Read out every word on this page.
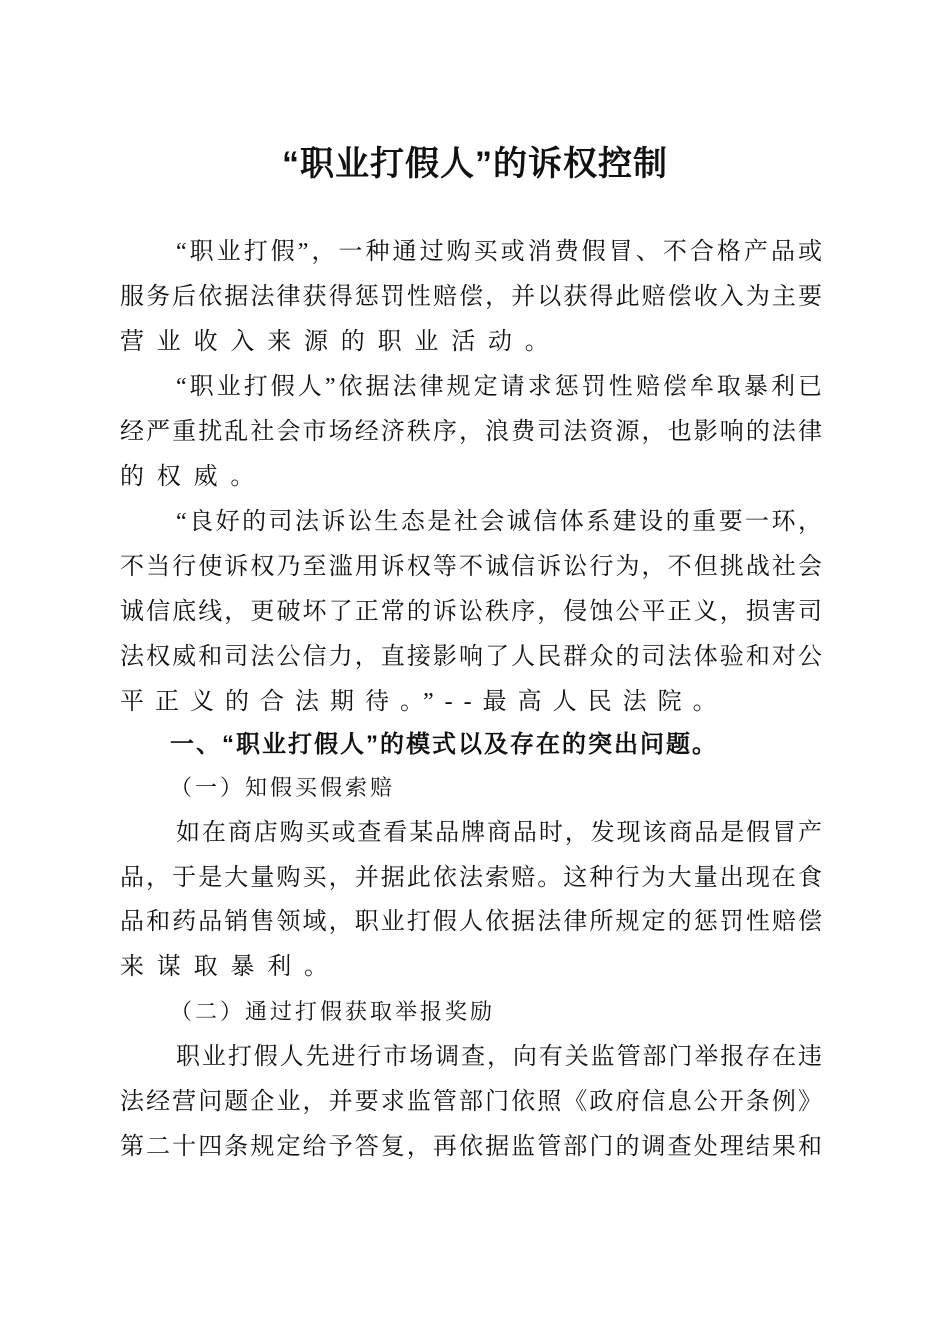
“职业打假人”的诉权控制
“职业打假”，一种通过购买或消费假冒、不合格产品或
服务后依据法律获得惩罚性赔偿，并以获得此赔偿收入为主要
营业收入来源的职业活动。
“职业打假人”依据法律规定请求惩罚性赔偿牟取暴利已
经严重扰乱社会市场经济秩序，浪费司法资源，也影响的法律
的权威。
“良好的司法诉讼生态是社会诚信体系建设的重要一环，
不当行使诉权乃至滥用诉权等不诚信诉讼行为，不但挑战社会
诚信底线，更破坏了正常的诉讼秩序，侵蚀公平正义，损害司
法权威和司法公信力，直接影响了人民群众的司法体验和对公
平正义的合法期待。”--最高人民法院。
一、“职业打假人”的模式以及存在的突出问题。
（一）知假买假索赔
如在商店购买或查看某品牌商品时，发现该商品是假冒产
品，于是大量购买，并据此依法索赔。这种行为大量出现在食
品和药品销售领域，职业打假人依据法律所规定的惩罚性赔偿
来谋取暴利。
（二）通过打假获取举报奖励
职业打假人先进行市场调查，向有关监管部门举报存在违
法经营问题企业，并要求监管部门依照《政府信息公开条例》
第二十四条规定给予答复，再依据监管部门的调查处理结果和
